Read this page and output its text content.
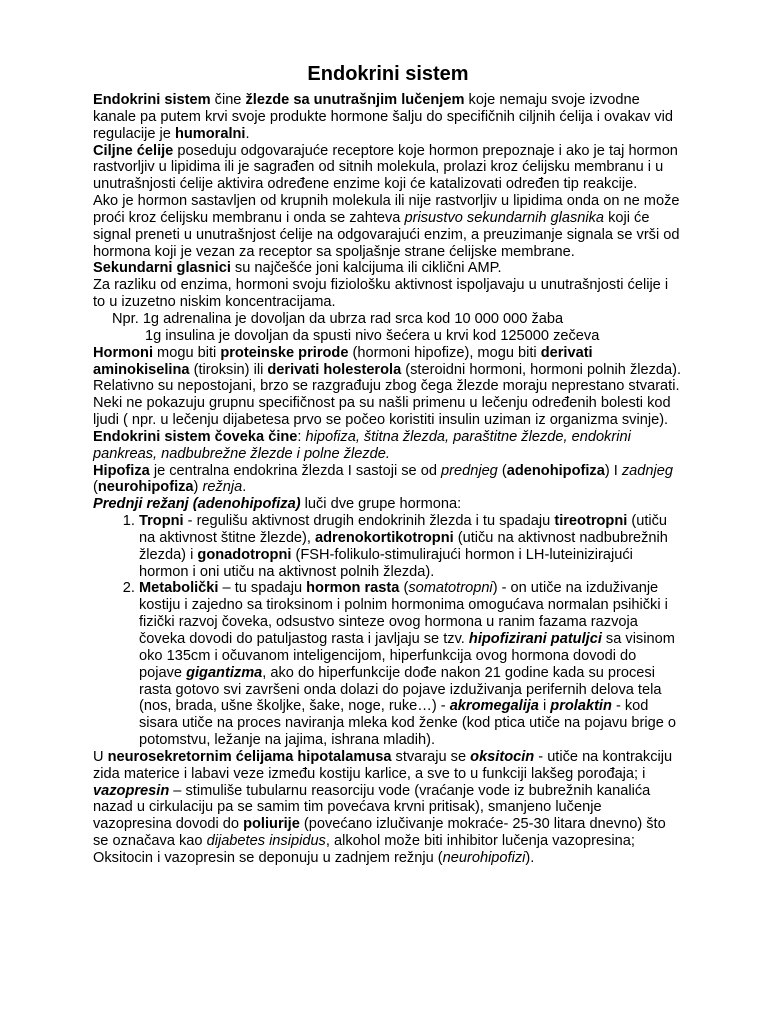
Endokrini sistem

Endokrini sistem čine žlezde sa unutrašnjim lučenjem koje nemaju svoje izvodne kanale pa putem krvi svoje produkte hormone šalju do specifičnih ciljnih ćelija i ovakav vid regulacije je humoralni.

Ciljne ćelije poseduju odgovarajuće receptore koje hormon prepoznaje i ako je taj hormon rastvorljiv u lipidima ili je sagrađen od sitnih molekula, prolazi kroz ćelijsku membranu i u unutrašnjosti ćelije aktivira određene enzime koji će katalizovati određen tip reakcije.

Ako je hormon sastavljen od krupnih molekula ili nije rastvorljiv u lipidima onda on ne može proći kroz ćelijsku membranu i onda se zahteva prisustvo sekundarnih glasnika koji će signal preneti u unutrašnjost ćelije na odgovarajući enzim, a preuzimanje signala se vrši od hormona koji je vezan za receptor sa spoljašnje strane ćelijske membrane.

Sekundarni glasnici su najčešće joni kalcijuma ili ciklični AMP.

Za razliku od enzima, hormoni svoju fiziološku aktivnost ispoljavaju u unutrašnjosti ćelije i to u izuzetno niskim koncentracijama.

Npr. 1g adrenalina je dovoljan da ubrza rad srca kod 10 000 000 žaba

1g insulina je dovoljan da spusti nivo šećera u krvi kod 125000 zečeva

Hormoni mogu biti proteinske prirode (hormoni hipofize), mogu biti derivati aminokiselina (tiroksin) ili derivati holesterola (steroidni hormoni, hormoni polnih žlezda). Relativno su nepostojani, brzo se razgrađuju zbog čega žlezde moraju neprestano stvarati. Neki ne pokazuju grupnu specifičnost pa su našli primenu u lečenju određenih bolesti kod ljudi ( npr. u lečenju dijabetesa prvo se počeo koristiti insulin uziman iz organizma svinje).

Endokrini sistem čoveka čine: hipofiza, štitna žlezda, paraštitne žlezde, endokrini pankreas, nadbubrežne žlezde i polne žlezde.

Hipofiza je centralna endokrina žlezda I sastoji se od prednjeg (adenohipofiza) I zadnjeg (neurohipofiza) režnja.

Prednji režanj (adenohipofiza) luči dve grupe hormona:

1. Tropni - regulišu aktivnost drugih endokrinih žlezda i tu spadaju tireotropni (utiču na aktivnost štitne žlezde), adrenokortikotropni (utiču na aktivnost nadbubrežnih žlezda) i gonadotropni (FSH-folikulo-stimulirajući hormon i LH-luteinizirajući hormon i oni utiču na aktivnost polnih žlezda).
2. Metabolički – tu spadaju hormon rasta (somatotropni) - on utiče na izduživanje kostiju i zajedno sa tiroksinom i polnim hormonima omogućava normalan psihički i fizički razvoj čoveka, odsustvo sinteze ovog hormona u ranim fazama razvoja čoveka dovodi do patuljastog rasta i javljaju se tzv. hipofizirani patuljci sa visinom oko 135cm i očuvanom inteligencijom, hiperfunkcija ovog hormona dovodi do pojave gigantizma, ako do hiperfunkcije dođe nakon 21 godine kada su procesi rasta gotovo svi završeni onda dolazi do pojave izduživanja perifernih delova tela (nos, brada, ušne školjke, šake, noge, ruke…) - akromegalija i prolaktin - kod sisara utiče na proces naviranja mleka kod ženke (kod ptica utiče na pojavu brige o potomstvu, ležanje na jajima, ishrana mladih).

U neurosekretornim ćelijama hipotalamusa stvaraju se oksitocin - utiče na kontrakciju zida materice i labavi veze između kostiju karlice, a sve to u funkciji lakšeg porođaja; i vazopresin – stimuliše tubularnu reasorciju vode (vraćanje vode iz bubrežnih kanalića nazad u cirkulaciju pa se samim tim povećava krvni pritisak), smanjeno lučenje vazopresina dovodi do poliurije (povećano izlučivanje mokraće- 25-30 litara dnevno) što se označava kao dijabetes insipidus, alkohol može biti inhibitor lučenja vazopresina;

Oksitocin i vazopresin se deponuju u zadnjem režnju (neurohipofizi).
